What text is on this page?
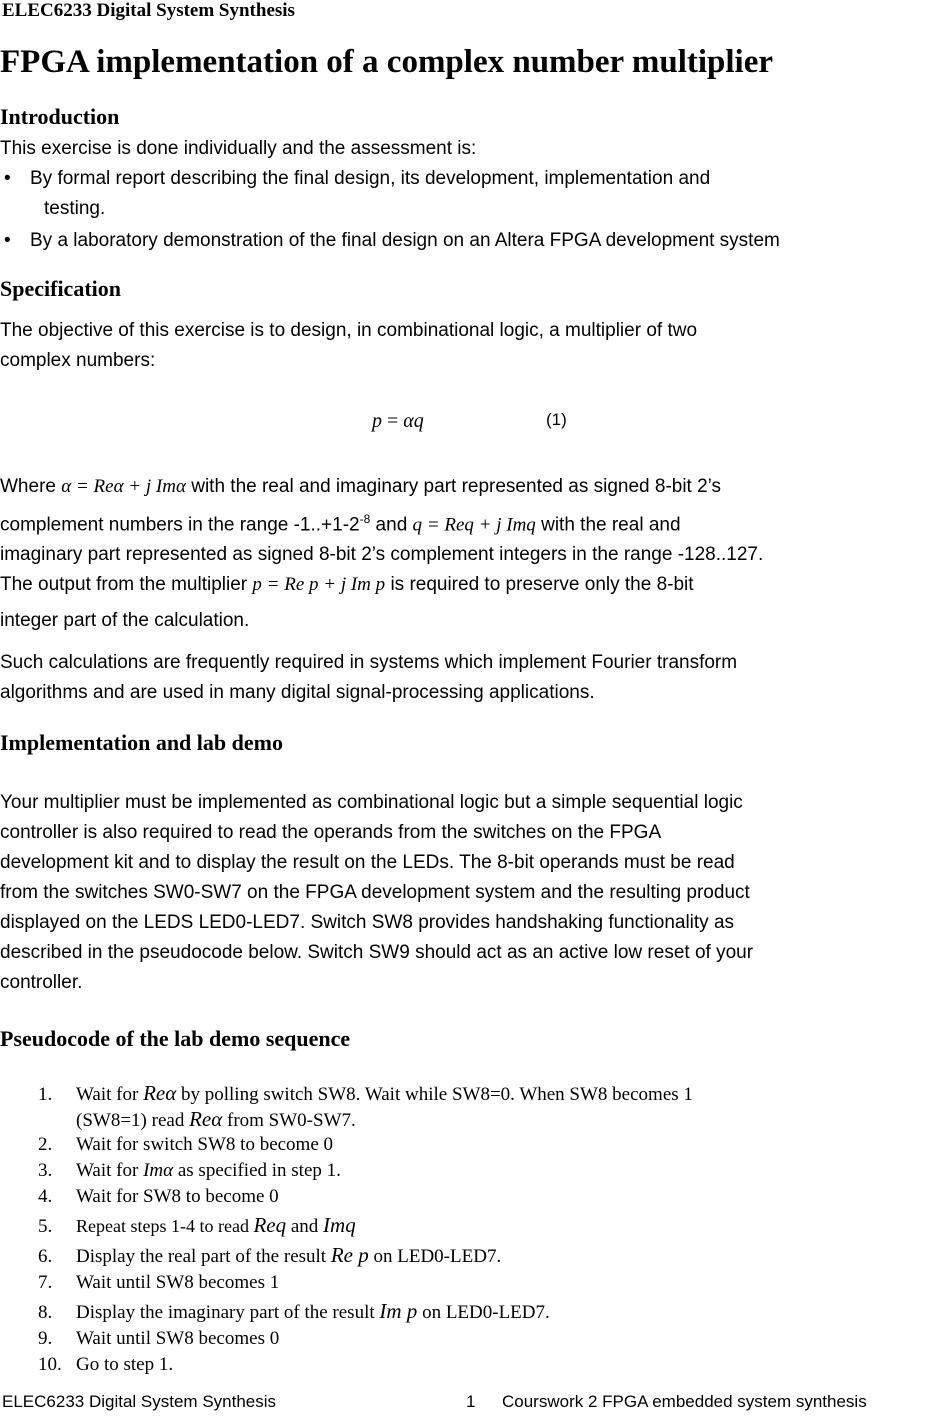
ELEC6233 Digital System Synthesis
FPGA implementation of a complex number multiplier
Introduction
This exercise is done individually and the assessment is:
• By formal report describing the final design, its development, implementation and
testing.
• By a laboratory demonstration of the final design on an Altera FPGA development system
Specification
The objective of this exercise is to design, in combinational logic, a multiplier of two
complex numbers:
p = αq	(1)
Where α = Reα + j Imα with the real and imaginary part represented as signed 8-bit 2’s
complement numbers in the range $-1..+1-2^{-8}$ and q = Req + j Imq with the real and
imaginary part represented as signed 8-bit 2’s complement integers in the range -128..127.
The output from the multiplier p = Re p + j Im p is required to preserve only the 8-bit
integer part of the calculation.
Such calculations are frequently required in systems which implement Fourier transform
algorithms and are used in many digital signal-processing applications.
Implementation and lab demo
Your multiplier must be implemented as combinational logic but a simple sequential logic
controller is also required to read the operands from the switches on the FPGA
development kit and to display the result on the LEDs. The 8-bit operands must be read
from the switches SW0-SW7 on the FPGA development system and the resulting product
displayed on the LEDS LED0-LED7. Switch SW8 provides handshaking functionality as
described in the pseudocode below. Switch SW9 should act as an active low reset of your
controller.
Pseudocode of the lab demo sequence
1. Wait for Reα by polling switch SW8. Wait while SW8=0. When SW8 becomes 1
(SW8=1) read Reα from SW0-SW7.
2. Wait for switch SW8 to become 0
3. Wait for Imα as specified in step 1.
4. Wait for SW8 to become 0
5. Repeat steps 1-4 to read Req and Imq
6. Display the real part of the result Re p on LED0-LED7.
7. Wait until SW8 becomes 1
8. Display the imaginary part of the result Im p on LED0-LED7.
9. Wait until SW8 becomes 0
10. Go to step 1.
ELEC6233 Digital System Synthesis	1 Courswork 2 FPGA embedded system synthesis
